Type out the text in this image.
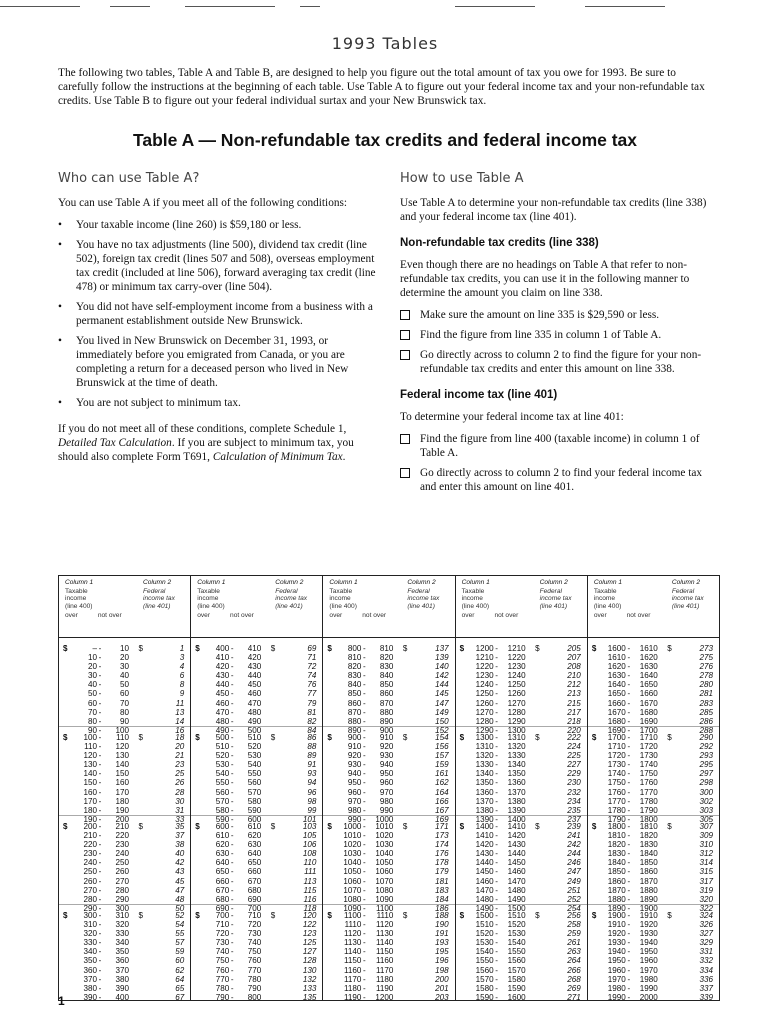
1993 Tables
The following two tables, Table A and Table B, are designed to help you figure out the total amount of tax you owe for 1993. Be sure to carefully follow the instructions at the beginning of each table. Use Table A to figure out your federal income tax and your non-refundable tax credits. Use Table B to figure out your federal individual surtax and your New Brunswick tax.
Table A — Non-refundable tax credits and federal income tax
Who can use Table A?
You can use Table A if you meet all of the following conditions:
• Your taxable income (line 260) is $59,180 or less.
• You have no tax adjustments (line 500), dividend tax credit (line 502), foreign tax credit (lines 507 and 508), overseas employment tax credit (included at line 506), forward averaging tax credit (line 478) or minimum tax carry-over (line 504).
• You did not have self-employment income from a business with a permanent establishment outside New Brunswick.
• You lived in New Brunswick on December 31, 1993, or immediately before you emigrated from Canada, or you are completing a return for a deceased person who lived in New Brunswick at the time of death.
• You are not subject to minimum tax.
If you do not meet all of these conditions, complete Schedule 1, Detailed Tax Calculation. If you are subject to minimum tax, you should also complete Form T691, Calculation of Minimum Tax.
How to use Table A
Use Table A to determine your non-refundable tax credits (line 338) and your federal income tax (line 401).
Non-refundable tax credits (line 338)
Even though there are no headings on Table A that refer to non-refundable tax credits, you can use it in the following manner to determine the amount you claim on line 338.
Make sure the amount on line 335 is $29,590 or less.
Find the figure from line 335 in column 1 of Table A.
Go directly across to column 2 to find the figure for your non-refundable tax credits and enter this amount on line 338.
Federal income tax (line 401)
To determine your federal income tax at line 401:
Find the figure from line 400 (taxable income) in column 1 of Table A.
Go directly across to column 2 to find your federal income tax and enter this amount on line 401.
Column 1
Taxable
income
(line 400)
over	not over
Column 2
Federal
income tax
(line 401)
$	– -	10	$	1
10 -	20	3
20 -	30	4
30 -	40	6
40 -	50	8
50 -	60	9
60 -	70	11
70 -	80	13
80 -	90	14
90 -	100	16
$	100 -	110	$	18
110 -	120	20
120 -	130	21
130 -	140	23
140 -	150	25
150 -	160	26
160 -	170	28
170 -	180	30
180 -	190	31
190 -	200	33
$	200 -	210	$	35
210 -	220	37
220 -	230	38
230 -	240	40
240 -	250	42
250 -	260	43
260 -	270	45
270 -	280	47
280 -	290	48
290 -	300	50
$	300 -	310	$	52
310 -	320	54
320 -	330	55
330 -	340	57
340 -	350	59
350 -	360	60
360 -	370	62
370 -	380	64
380 -	390	65
390 -	400	67
Column 1
Taxable
income
(line 400)
over	not over
Column 2
Federal
income tax
(line 401)
$	400 -	410	$	69
410 -	420	71
420 -	430	72
430 -	440	74
440 -	450	76
450 -	460	77
460 -	470	79
470 -	480	81
480 -	490	82
490 -	500	84
$	500 -	510	$	86
510 -	520	88
520 -	530	89
530 -	540	91
540 -	550	93
550 -	560	94
560 -	570	96
570 -	580	98
580 -	590	99
590 -	600	101
$	600 -	610	$	103
610 -	620	105
620 -	630	106
630 -	640	108
640 -	650	110
650 -	660	111
660 -	670	113
670 -	680	115
680 -	690	116
690 -	700	118
$	700 -	710	$	120
710 -	720	122
720 -	730	123
730 -	740	125
740 -	750	127
750 -	760	128
760 -	770	130
770 -	780	132
780 -	790	133
790 -	800	135
Column 1
Taxable
income
(line 400)
over	not over
Column 2
Federal
income tax
(line 401)
$	800 -	810	$	137
810 -	820	139
820 -	830	140
830 -	840	142
840 -	850	144
850 -	860	145
860 -	870	147
870 -	880	149
880 -	890	150
890 -	900	152
$	900 -	910	$	154
910 -	920	156
920 -	930	157
930 -	940	159
940 -	950	161
950 -	960	162
960 -	970	164
970 -	980	166
980 -	990	167
990 -	1000	169
$	1000 -	1010	$	171
1010 -	1020	173
1020 -	1030	174
1030 -	1040	176
1040 -	1050	178
1050 -	1060	179
1060 -	1070	181
1070 -	1080	183
1080 -	1090	184
1090 -	1100	186
$	1100 -	1110	$	188
1110 -	1120	190
1120 -	1130	191
1130 -	1140	193
1140 -	1150	195
1150 -	1160	196
1160 -	1170	198
1170 -	1180	200
1180 -	1190	201
1190 -	1200	203
Column 1
Taxable
income
(line 400)
over	not over
Column 2
Federal
income tax
(line 401)
$	1200 -	1210	$	205
1210 -	1220	207
1220 -	1230	208
1230 -	1240	210
1240 -	1250	212
1250 -	1260	213
1260 -	1270	215
1270 -	1280	217
1280 -	1290	218
1290 -	1300	220
$	1300 -	1310	$	222
1310 -	1320	224
1320 -	1330	225
1330 -	1340	227
1340 -	1350	229
1350 -	1360	230
1360 -	1370	232
1370 -	1380	234
1380 -	1390	235
1390 -	1400	237
$	1400 -	1410	$	239
1410 -	1420	241
1420 -	1430	242
1430 -	1440	244
1440 -	1450	246
1450 -	1460	247
1460 -	1470	249
1470 -	1480	251
1480 -	1490	252
1490 -	1500	254
$	1500 -	1510	$	256
1510 -	1520	258
1520 -	1530	259
1530 -	1540	261
1540 -	1550	263
1550 -	1560	264
1560 -	1570	266
1570 -	1580	268
1580 -	1590	269
1590 -	1600	271
Column 1
Taxable
income
(line 400)
over	not over
Column 2
Federal
income tax
(line 401)
$	1600 -	1610	$	273
1610 -	1620	275
1620 -	1630	276
1630 -	1640	278
1640 -	1650	280
1650 -	1660	281
1660 -	1670	283
1670 -	1680	285
1680 -	1690	286
1690 -	1700	288
$	1700 -	1710	$	290
1710 -	1720	292
1720 -	1730	293
1730 -	1740	295
1740 -	1750	297
1750 -	1760	298
1760 -	1770	300
1770 -	1780	302
1780 -	1790	303
1790 -	1800	305
$	1800 -	1810	$	307
1810 -	1820	309
1820 -	1830	310
1830 -	1840	312
1840 -	1850	314
1850 -	1860	315
1860 -	1870	317
1870 -	1880	319
1880 -	1890	320
1890 -	1900	322
$	1900 -	1910	$	324
1910 -	1920	326
1920 -	1930	327
1930 -	1940	329
1940 -	1950	331
1950 -	1960	332
1960 -	1970	334
1970 -	1980	336
1980 -	1990	337
1990 -	2000	339
1
